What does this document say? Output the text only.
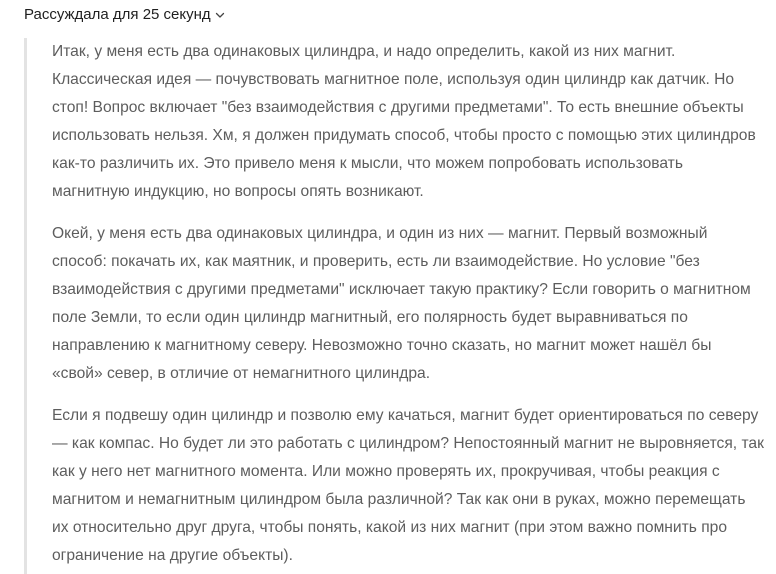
Рассуждала для 25 секунд

Итак, у меня есть два одинаковых цилиндра, и надо определить, какой из них магнит. Классическая идея — почувствовать магнитное поле, используя один цилиндр как датчик. Но стоп! Вопрос включает "без взаимодействия с другими предметами". То есть внешние объекты использовать нельзя. Хм, я должен придумать способ, чтобы просто с помощью этих цилиндров как-то различить их. Это привело меня к мысли, что можем попробовать использовать магнитную индукцию, но вопросы опять возникают.

Окей, у меня есть два одинаковых цилиндра, и один из них — магнит. Первый возможный способ: покачать их, как маятник, и проверить, есть ли взаимодействие. Но условие "без взаимодействия с другими предметами" исключает такую практику? Если говорить о магнитном поле Земли, то если один цилиндр магнитный, его полярность будет выравниваться по направлению к магнитному северу. Невозможно точно сказать, но магнит может нашёл бы «свой» север, в отличие от немагнитного цилиндра.

Если я подвешу один цилиндр и позволю ему качаться, магнит будет ориентироваться по северу — как компас. Но будет ли это работать с цилиндром? Непостоянный магнит не выровняется, так как у него нет магнитного момента. Или можно проверять их, прокручивая, чтобы реакция с магнитом и немагнитным цилиндром была различной? Так как они в руках, можно перемещать их относительно друг друга, чтобы понять, какой из них магнит (при этом важно помнить про ограничение на другие объекты).
